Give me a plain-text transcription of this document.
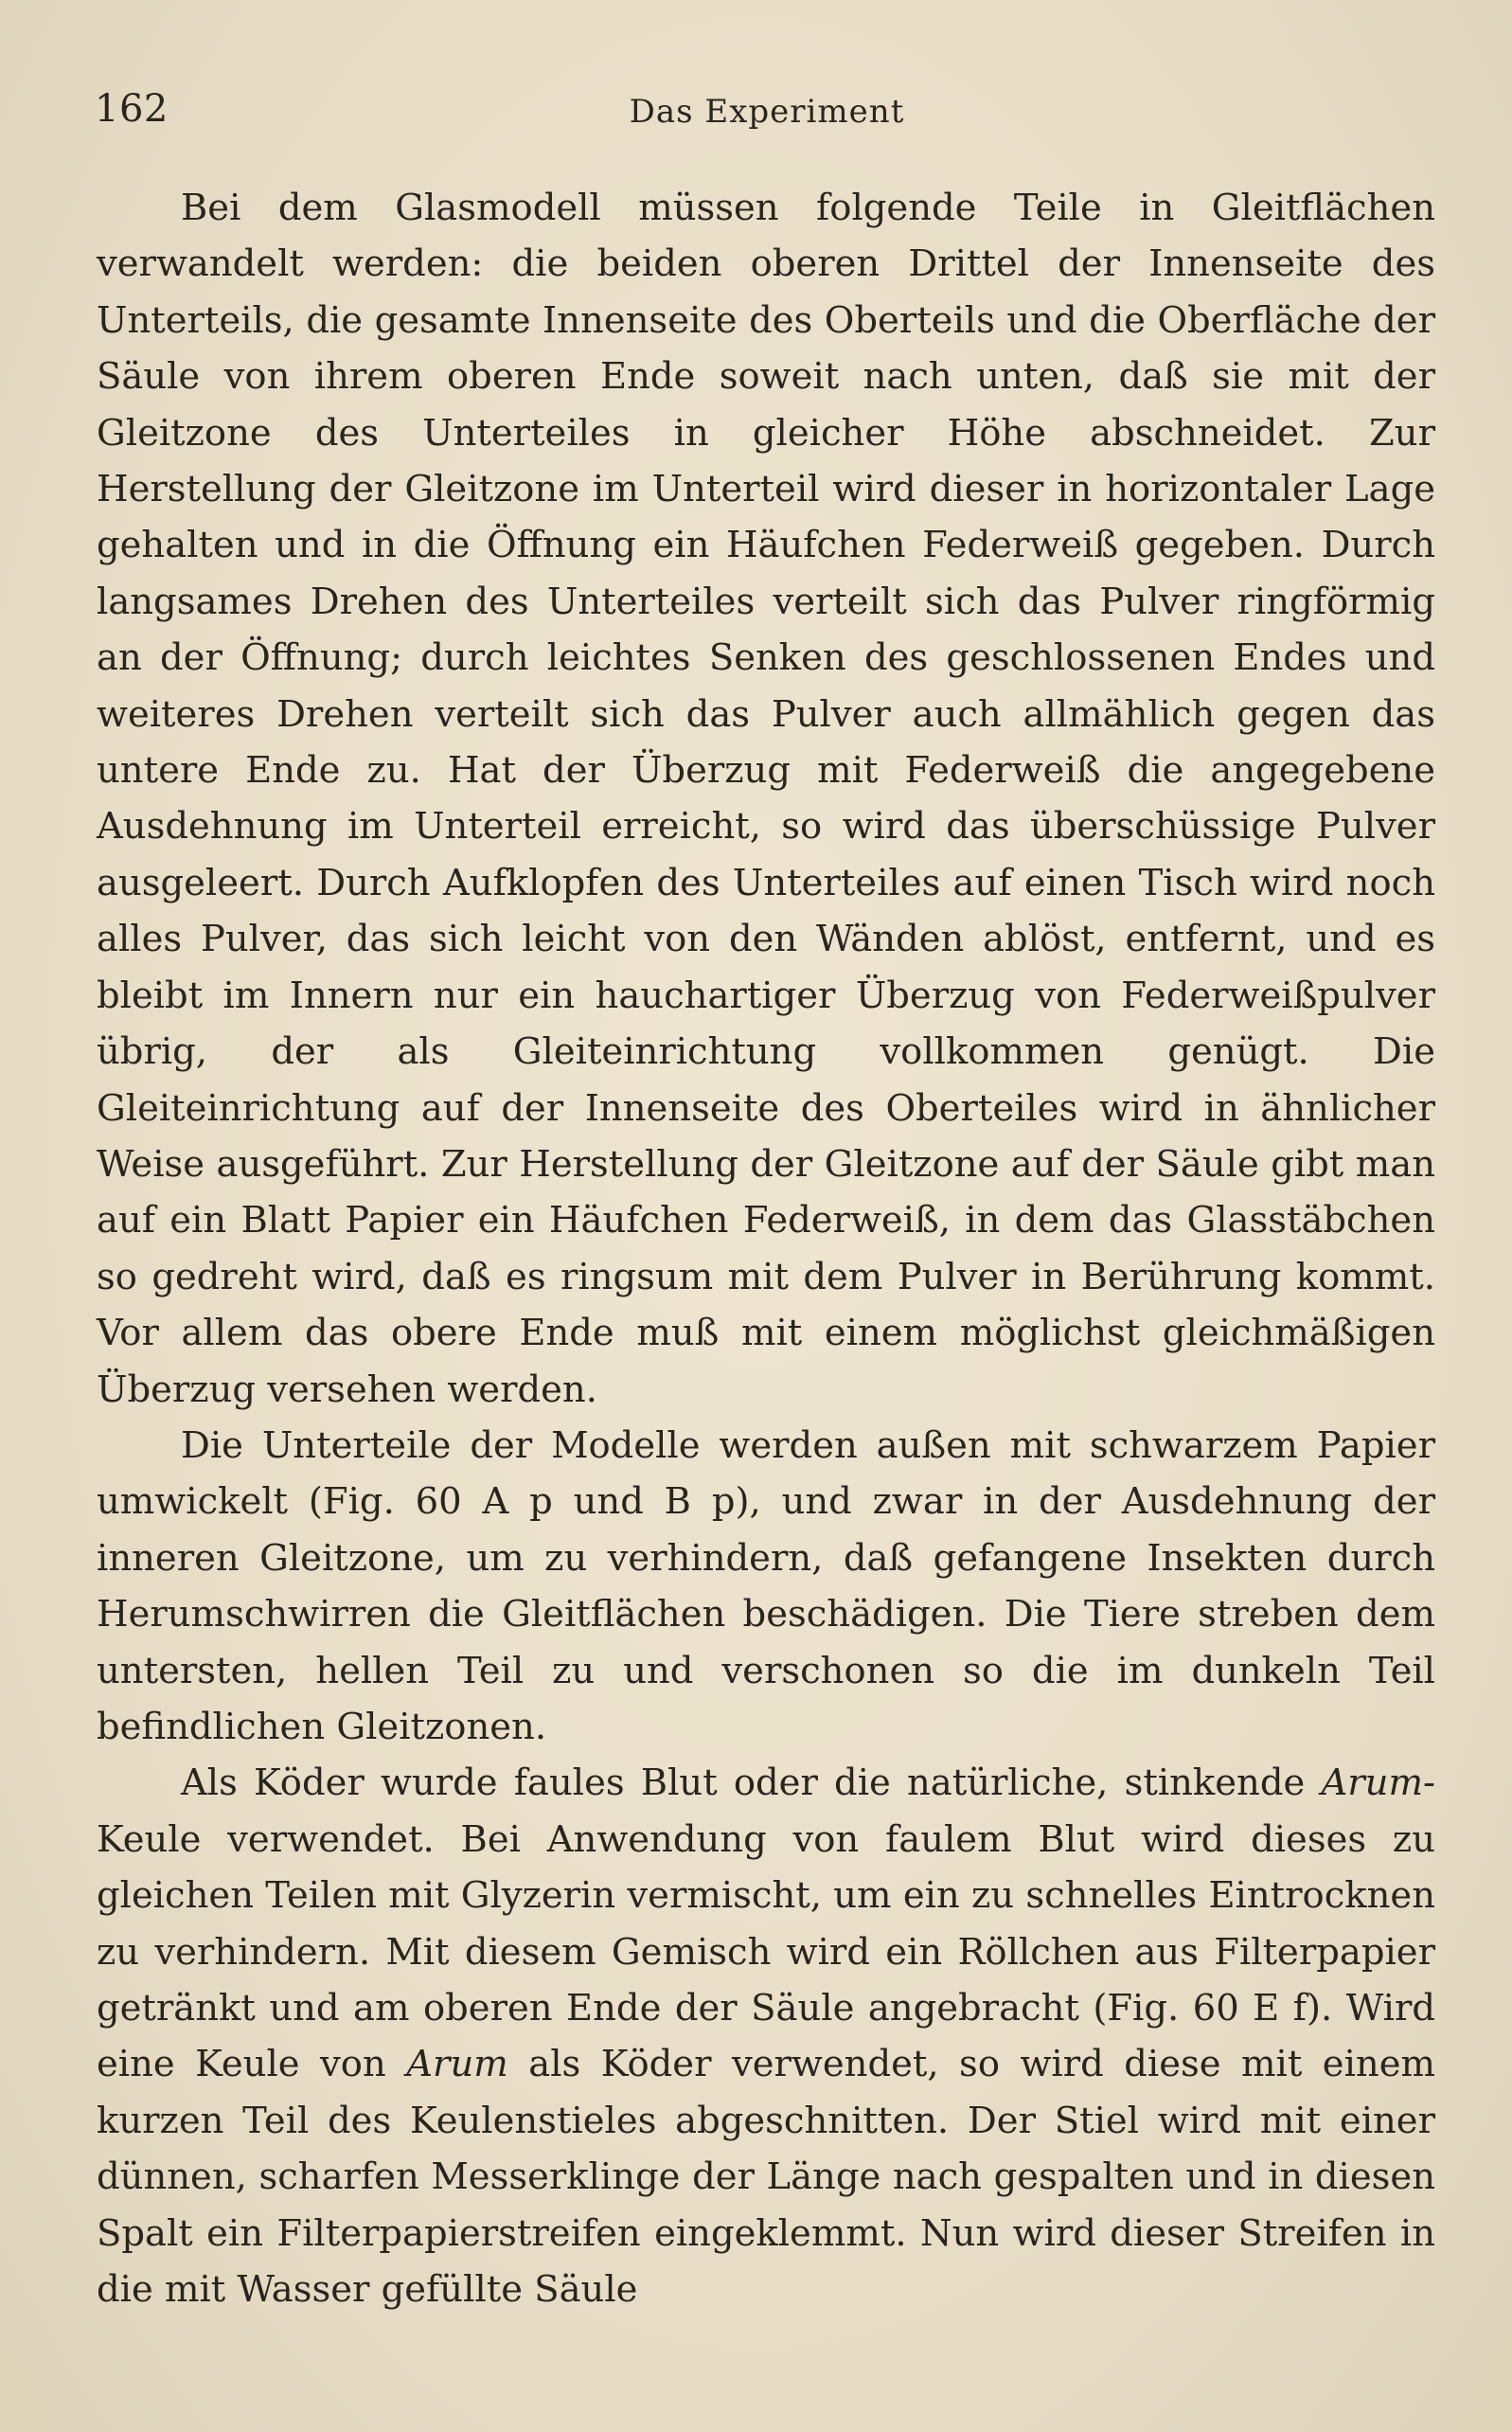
162	Das Experiment

Bei dem Glasmodell müssen folgende Teile in Gleitflächen verwandelt werden: die beiden oberen Drittel der Innenseite des Unterteils, die gesamte Innenseite des Oberteils und die Oberfläche der Säule von ihrem oberen Ende soweit nach unten, daß sie mit der Gleitzone des Unterteiles in gleicher Höhe abschneidet. Zur Herstellung der Gleitzone im Unterteil wird dieser in horizontaler Lage gehalten und in die Öffnung ein Häufchen Federweiß gegeben. Durch langsames Drehen des Unterteiles verteilt sich das Pulver ringförmig an der Öffnung; durch leichtes Senken des geschlossenen Endes und weiteres Drehen verteilt sich das Pulver auch allmählich gegen das untere Ende zu. Hat der Überzug mit Federweiß die angegebene Ausdehnung im Unterteil erreicht, so wird das überschüssige Pulver ausgeleert. Durch Aufklopfen des Unterteiles auf einen Tisch wird noch alles Pulver, das sich leicht von den Wänden ablöst, entfernt, und es bleibt im Innern nur ein hauchartiger Überzug von Federweißpulver übrig, der als Gleiteinrichtung vollkommen genügt. Die Gleiteinrichtung auf der Innenseite des Oberteiles wird in ähnlicher Weise ausgeführt. Zur Herstellung der Gleitzone auf der Säule gibt man auf ein Blatt Papier ein Häufchen Federweiß, in dem das Glasstäbchen so gedreht wird, daß es ringsum mit dem Pulver in Berührung kommt. Vor allem das obere Ende muß mit einem möglichst gleichmäßigen Überzug versehen werden.

Die Unterteile der Modelle werden außen mit schwarzem Papier umwickelt (Fig. 60 A p und B p), und zwar in der Ausdehnung der inneren Gleitzone, um zu verhindern, daß gefangene Insekten durch Herumschwirren die Gleitflächen beschädigen. Die Tiere streben dem untersten, hellen Teil zu und verschonen so die im dunkeln Teil befindlichen Gleitzonen.

Als Köder wurde faules Blut oder die natürliche, stinkende Arum-Keule verwendet. Bei Anwendung von faulem Blut wird dieses zu gleichen Teilen mit Glyzerin vermischt, um ein zu schnelles Eintrocknen zu verhindern. Mit diesem Gemisch wird ein Röllchen aus Filterpapier getränkt und am oberen Ende der Säule angebracht (Fig. 60 E f). Wird eine Keule von Arum als Köder verwendet, so wird diese mit einem kurzen Teil des Keulenstieles abgeschnitten. Der Stiel wird mit einer dünnen, scharfen Messerklinge der Länge nach gespalten und in diesen Spalt ein Filterpapierstreifen eingeklemmt. Nun wird dieser Streifen in die mit Wasser gefüllte Säule
